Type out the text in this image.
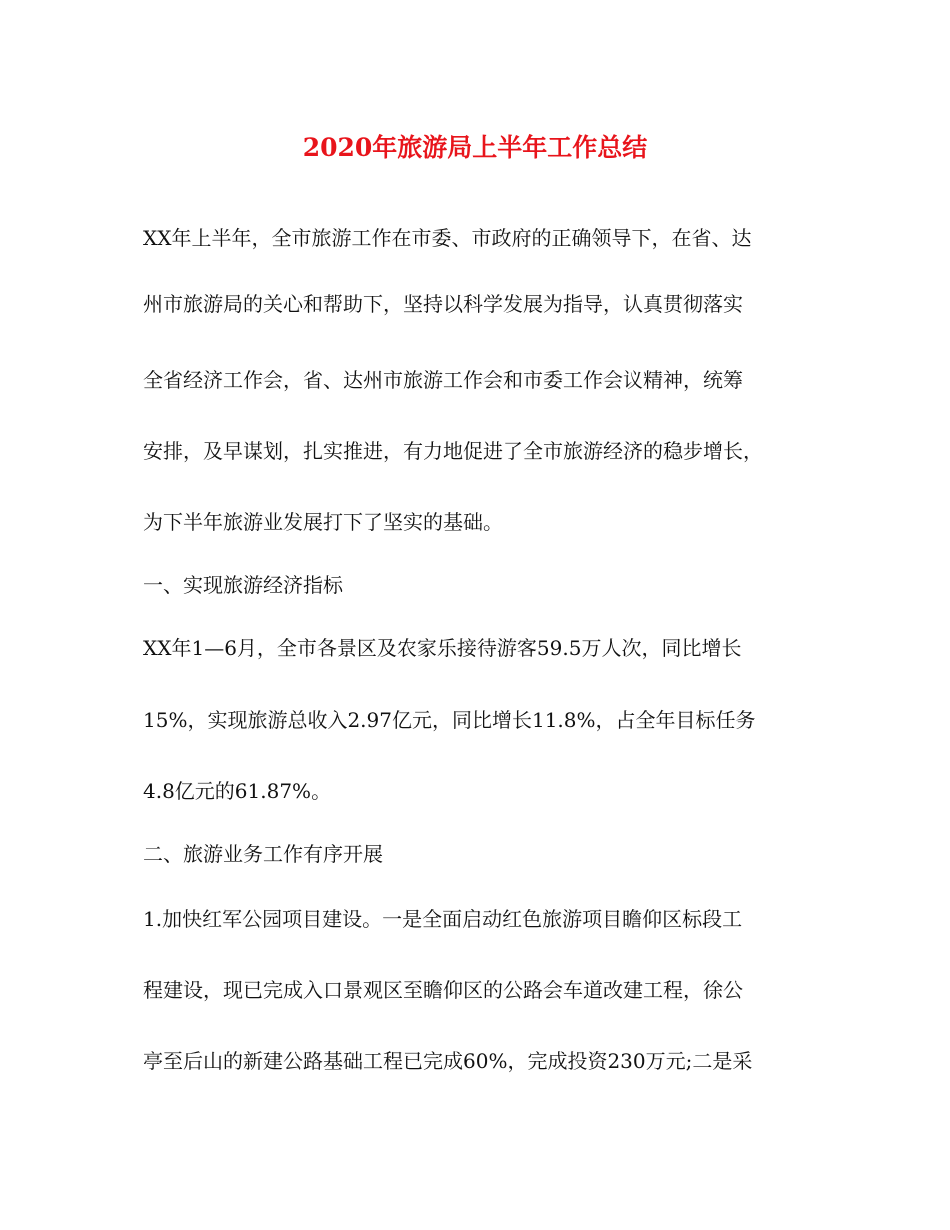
2020年旅游局上半年工作总结
XX年上半年，全市旅游工作在市委、市政府的正确领导下，在省、达
州市旅游局的关心和帮助下，坚持以科学发展为指导，认真贯彻落实
全省经济工作会，省、达州市旅游工作会和市委工作会议精神，统筹
安排，及早谋划，扎实推进，有力地促进了全市旅游经济的稳步增长，
为下半年旅游业发展打下了坚实的基础。
一、实现旅游经济指标
XX年1—6月，全市各景区及农家乐接待游客59.5万人次，同比增长
15%，实现旅游总收入2.97亿元，同比增长11.8%，占全年目标任务
4.8亿元的61.87%。
二、旅游业务工作有序开展
1.加快红军公园项目建设。一是全面启动红色旅游项目瞻仰区标段工
程建设，现已完成入口景观区至瞻仰区的公路会车道改建工程，徐公
亭至后山的新建公路基础工程已完成60%，完成投资230万元;二是采
